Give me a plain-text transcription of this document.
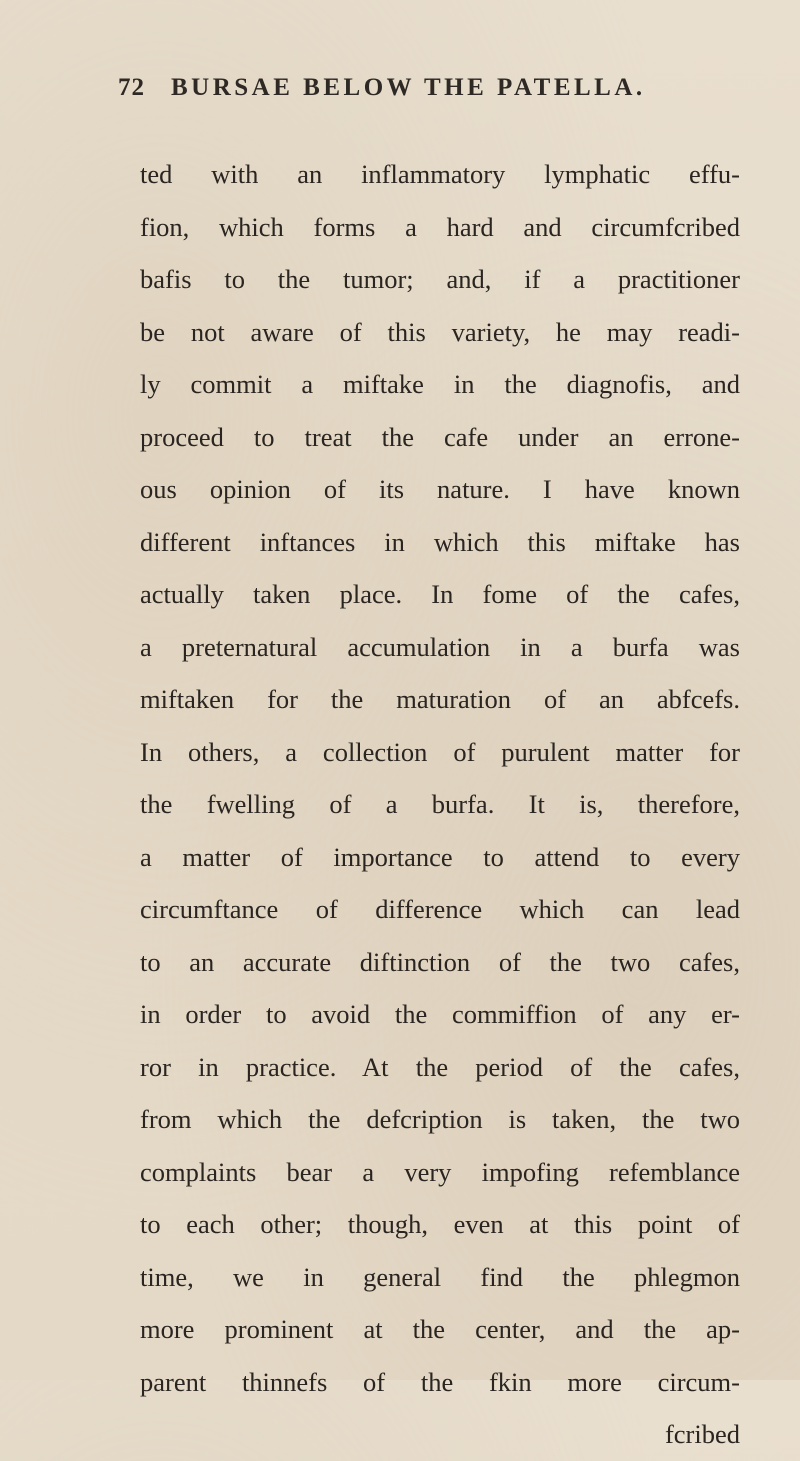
72 BURSAE BELOW THE PATELLA.
ted with an inflammatory lymphatic effu-
fion, which forms a hard and circumfcribed
bafis to the tumor; and, if a practitioner
be not aware of this variety, he may readi-
ly commit a miftake in the diagnofis, and
proceed to treat the cafe under an errone-
ous opinion of its nature. I have known
different inftances in which this miftake has
actually taken place. In fome of the cafes,
a preternatural accumulation in a burfa was
miftaken for the maturation of an abfcefs.
In others, a collection of purulent matter for
the fwelling of a burfa. It is, therefore,
a matter of importance to attend to every
circumftance of difference which can lead
to an accurate diftinction of the two cafes,
in order to avoid the commiffion of any er-
ror in practice. At the period of the cafes,
from which the defcription is taken, the two
complaints bear a very impofing refemblance
to each other; though, even at this point of
time, we in general find the phlegmon
more prominent at the center, and the ap-
parent thinnefs of the fkin more circum-
fcribed
